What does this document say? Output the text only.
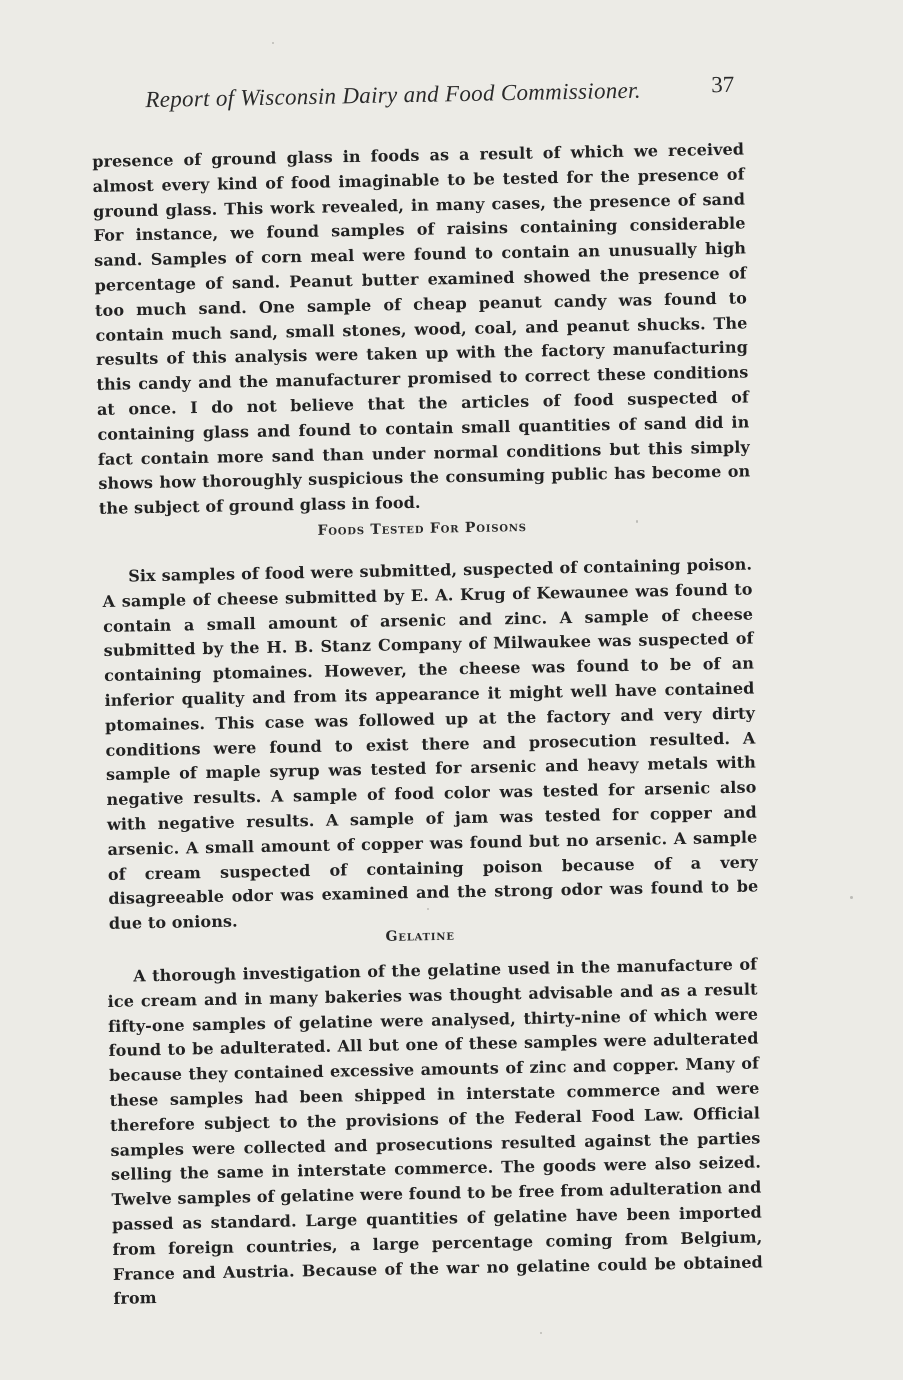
Report of Wisconsin Dairy and Food Commissioner.	37

presence of ground glass in foods as a result of which we received almost every kind of food imaginable to be tested for the presence of ground glass. This work revealed, in many cases, the presence of sand For instance, we found samples of raisins containing considerable sand. Samples of corn meal were found to contain an unusually high percentage of sand. Peanut butter examined showed the presence of too much sand. One sample of cheap peanut candy was found to contain much sand, small stones, wood, coal, and peanut shucks. The results of this analysis were taken up with the factory manufacturing this candy and the manufacturer promised to correct these conditions at once. I do not believe that the articles of food suspected of containing glass and found to contain small quantities of sand did in fact contain more sand than under normal conditions but this simply shows how thoroughly suspicious the consuming public has become on the subject of ground glass in food.

Foods Tested For Poisons

Six samples of food were submitted, suspected of containing poison. A sample of cheese submitted by E. A. Krug of Kewaunee was found to contain a small amount of arsenic and zinc. A sample of cheese submitted by the H. B. Stanz Company of Milwaukee was suspected of containing ptomaines. However, the cheese was found to be of an inferior quality and from its appearance it might well have contained ptomaines. This case was followed up at the factory and very dirty conditions were found to exist there and prosecution resulted. A sample of maple syrup was tested for arsenic and heavy metals with negative results. A sample of food color was tested for arsenic also with negative results. A sample of jam was tested for copper and arsenic. A small amount of copper was found but no arsenic. A sample of cream suspected of containing poison because of a very disagreeable odor was examined and the strong odor was found to be due to onions.

Gelatine

A thorough investigation of the gelatine used in the manufacture of ice cream and in many bakeries was thought advisable and as a result fifty-one samples of gelatine were analysed, thirty-nine of which were found to be adulterated. All but one of these samples were adulterated because they contained excessive amounts of zinc and copper. Many of these samples had been shipped in interstate commerce and were therefore subject to the provisions of the Federal Food Law. Official samples were collected and prosecutions resulted against the parties selling the same in interstate commerce. The goods were also seized. Twelve samples of gelatine were found to be free from adulteration and passed as standard. Large quantities of gelatine have been imported from foreign countries, a large percentage coming from Belgium, France and Austria. Because of the war no gelatine could be obtained from
